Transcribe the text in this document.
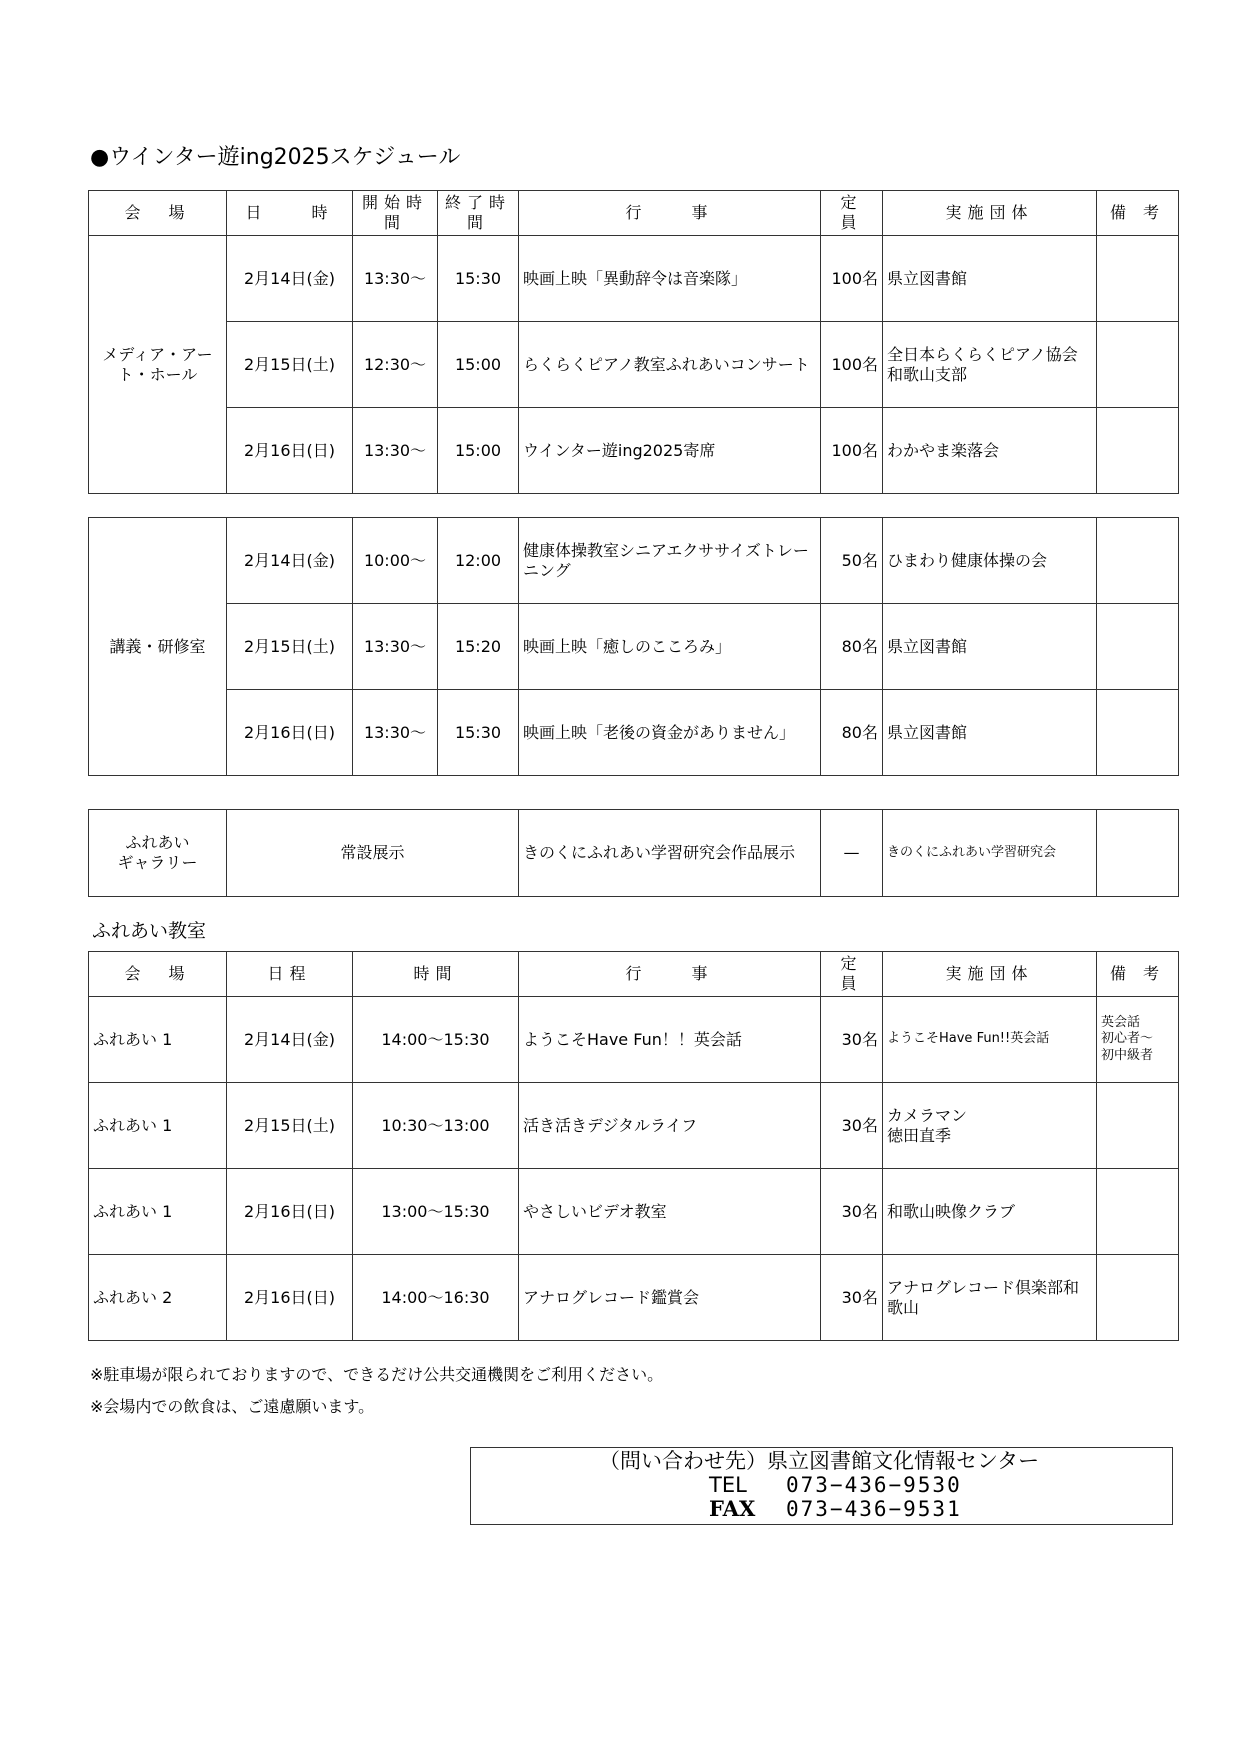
●ウインター遊ing2025スケジュール
会　場	日　　時	開始時間	終了時間	行　　事	定 員	実施団体	備 考
メディア・アート・ホール	2月14日(金)	13:30〜	15:30	映画上映「異動辞令は音楽隊」	100名	県立図書館	
	2月15日(土)	12:30〜	15:00	らくらくピアノ教室ふれあいコンサート	100名	全日本らくらくピアノ協会
和歌山支部	
	2月16日(日)	13:30〜	15:00	ウインター遊ing2025寄席	100名	わかやま楽落会	
講義・研修室	2月14日(金)	10:00〜	12:00	健康体操教室シニアエクササイズトレーニング	50名	ひまわり健康体操の会	
	2月15日(土)	13:30〜	15:20	映画上映「癒しのこころみ」	80名	県立図書館	
	2月16日(日)	13:30〜	15:30	映画上映「老後の資金がありません」	80名	県立図書館	
ふれあい
ギャラリー	常設展示	きのくにふれあい学習研究会作品展示	—	きのくにふれあい学習研究会	
ふれあい教室
会　場	日程	時間	行　　事	定 員	実施団体	備 考
ふれあい 1	2月14日(金)	14:00〜15:30	ようこそHave Fun！！英会話	30名	ようこそHave Fun!!英会話	英会話
初心者〜
初中級者
ふれあい 1	2月15日(土)	10:30〜13:00	活き活きデジタルライフ	30名	カメラマン
徳田直季	
ふれあい 1	2月16日(日)	13:00〜15:30	やさしいビデオ教室	30名	和歌山映像クラブ	
ふれあい 2	2月16日(日)	14:00〜16:30	アナログレコード鑑賞会	30名	アナログレコード倶楽部和歌山	
※駐車場が限られておりますので、できるだけ公共交通機関をご利用ください。
※会場内での飲食は、ご遠慮願います。
（問い合わせ先）県立図書館文化情報センター
TEL 073−436−9530
FAX 073−436−9531
